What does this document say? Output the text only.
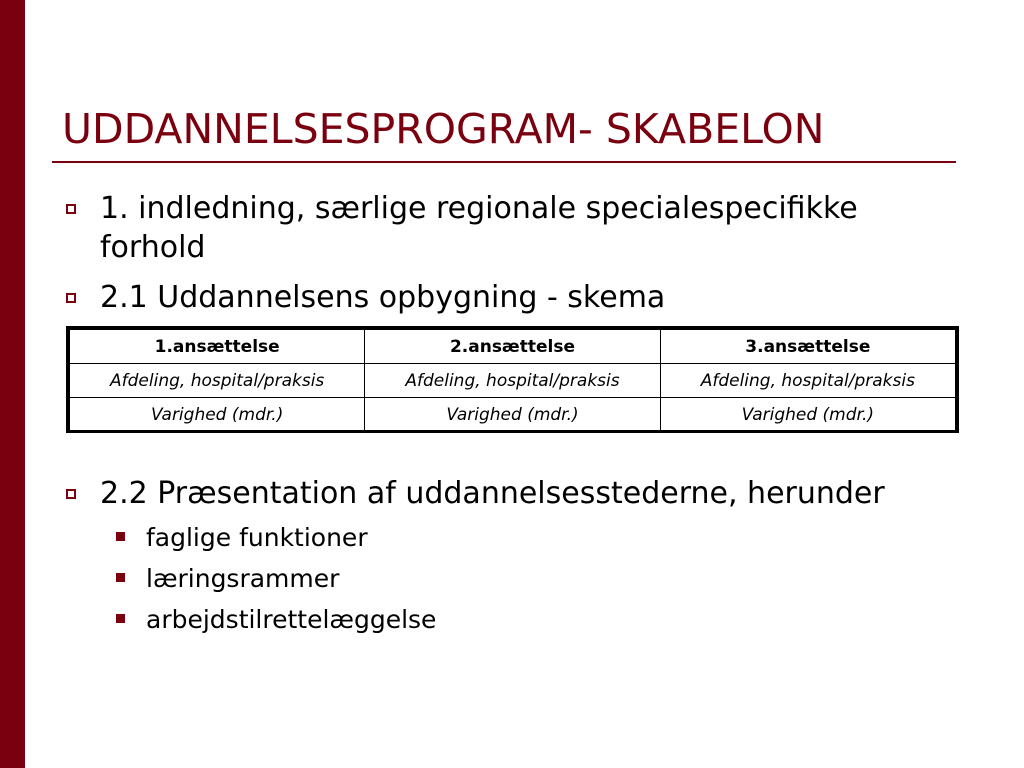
UDDANNELSESPROGRAM- SKABELON
1. indledning, særlige regionale specialespecifikke
forhold
2.1 Uddannelsens opbygning - skema
1.ansættelse	2.ansættelse	3.ansættelse
Afdeling, hospital/praksis	Afdeling, hospital/praksis	Afdeling, hospital/praksis
Varighed (mdr.)	Varighed (mdr.)	Varighed (mdr.)
2.2 Præsentation af uddannelsesstederne, herunder
faglige funktioner
læringsrammer
arbejdstilrettelæggelse
